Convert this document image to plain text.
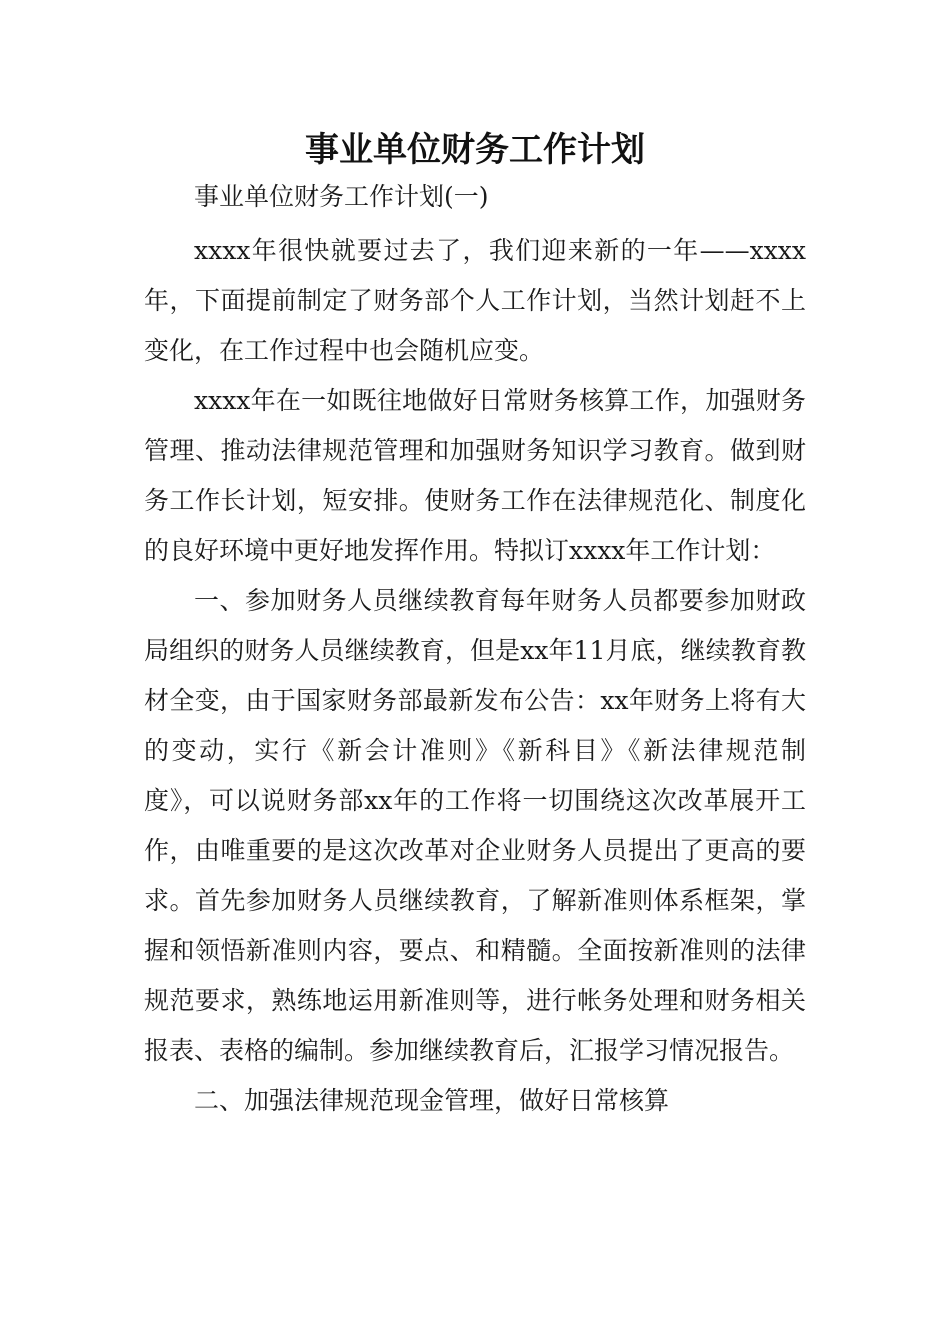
事业单位财务工作计划

事业单位财务工作计划(一)

xxxx年很快就要过去了，我们迎来新的一年——xxxx年，下面提前制定了财务部个人工作计划，当然计划赶不上变化，在工作过程中也会随机应变。

xxxx年在一如既往地做好日常财务核算工作，加强财务管理、推动法律规范管理和加强财务知识学习教育。做到财务工作长计划，短安排。使财务工作在法律规范化、制度化的良好环境中更好地发挥作用。特拟订xxxx年工作计划：

一、参加财务人员继续教育每年财务人员都要参加财政局组织的财务人员继续教育，但是xx年11月底，继续教育教材全变，由于国家财务部最新发布公告：xx年财务上将有大的变动，实行《新会计准则》《新科目》《新法律规范制度》，可以说财务部xx年的工作将一切围绕这次改革展开工作，由唯重要的是这次改革对企业财务人员提出了更高的要求。首先参加财务人员继续教育，了解新准则体系框架，掌握和领悟新准则内容，要点、和精髓。全面按新准则的法律规范要求，熟练地运用新准则等，进行帐务处理和财务相关报表、表格的编制。参加继续教育后，汇报学习情况报告。

二、加强法律规范现金管理，做好日常核算
